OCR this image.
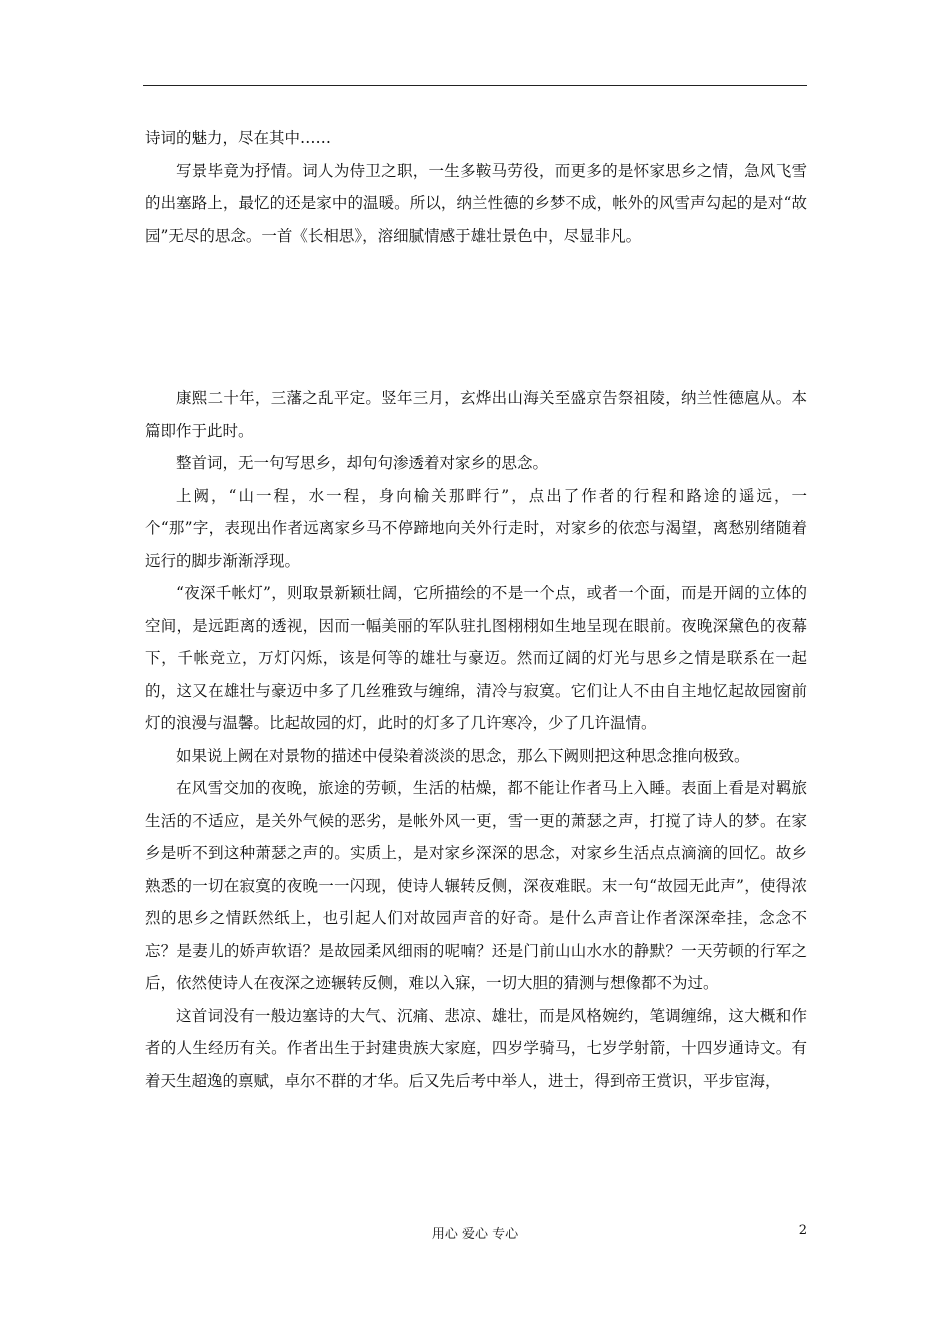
诗词的魅力，尽在其中……

写景毕竟为抒情。词人为侍卫之职，一生多鞍马劳役，而更多的是怀家思乡之情，急风飞雪的出塞路上，最忆的还是家中的温暖。所以，纳兰性德的乡梦不成，帐外的风雪声勾起的是对“故园”无尽的思念。一首《长相思》，溶细腻情感于雄壮景色中，尽显非凡。

康熙二十年，三藩之乱平定。竖年三月，玄烨出山海关至盛京告祭祖陵，纳兰性德扈从。本篇即作于此时。

整首词，无一句写思乡，却句句渗透着对家乡的思念。

上阙，“山一程，水一程，身向榆关那畔行”，点出了作者的行程和路途的遥远，一个“那”字，表现出作者远离家乡马不停蹄地向关外行走时，对家乡的依恋与渴望，离愁别绪随着远行的脚步渐渐浮现。

“夜深千帐灯”，则取景新颖壮阔，它所描绘的不是一个点，或者一个面，而是开阔的立体的空间，是远距离的透视，因而一幅美丽的军队驻扎图栩栩如生地呈现在眼前。夜晚深黛色的夜幕下，千帐竞立，万灯闪烁，该是何等的雄壮与豪迈。然而辽阔的灯光与思乡之情是联系在一起的，这又在雄壮与豪迈中多了几丝雅致与缠绵，清冷与寂寞。它们让人不由自主地忆起故园窗前灯的浪漫与温馨。比起故园的灯，此时的灯多了几许寒冷，少了几许温情。

如果说上阙在对景物的描述中侵染着淡淡的思念，那么下阙则把这种思念推向极致。

在风雪交加的夜晚，旅途的劳顿，生活的枯燥，都不能让作者马上入睡。表面上看是对羁旅生活的不适应，是关外气候的恶劣，是帐外风一更，雪一更的萧瑟之声，打搅了诗人的梦。在家乡是听不到这种萧瑟之声的。实质上，是对家乡深深的思念，对家乡生活点点滴滴的回忆。故乡熟悉的一切在寂寞的夜晚一一闪现，使诗人辗转反侧，深夜难眠。末一句“故园无此声”，使得浓烈的思乡之情跃然纸上，也引起人们对故园声音的好奇。是什么声音让作者深深牵挂，念念不忘？是妻儿的娇声软语？是故园柔风细雨的呢喃？还是门前山山水水的静默？一天劳顿的行军之后，依然使诗人在夜深之迹辗转反侧，难以入寐，一切大胆的猜测与想像都不为过。

这首词没有一般边塞诗的大气、沉痛、悲凉、雄壮，而是风格婉约，笔调缠绵，这大概和作者的人生经历有关。作者出生于封建贵族大家庭，四岁学骑马，七岁学射箭，十四岁通诗文。有着天生超逸的禀赋，卓尔不群的才华。后又先后考中举人，进士，得到帝王赏识，平步宦海，

用心 爱心 专心	2
